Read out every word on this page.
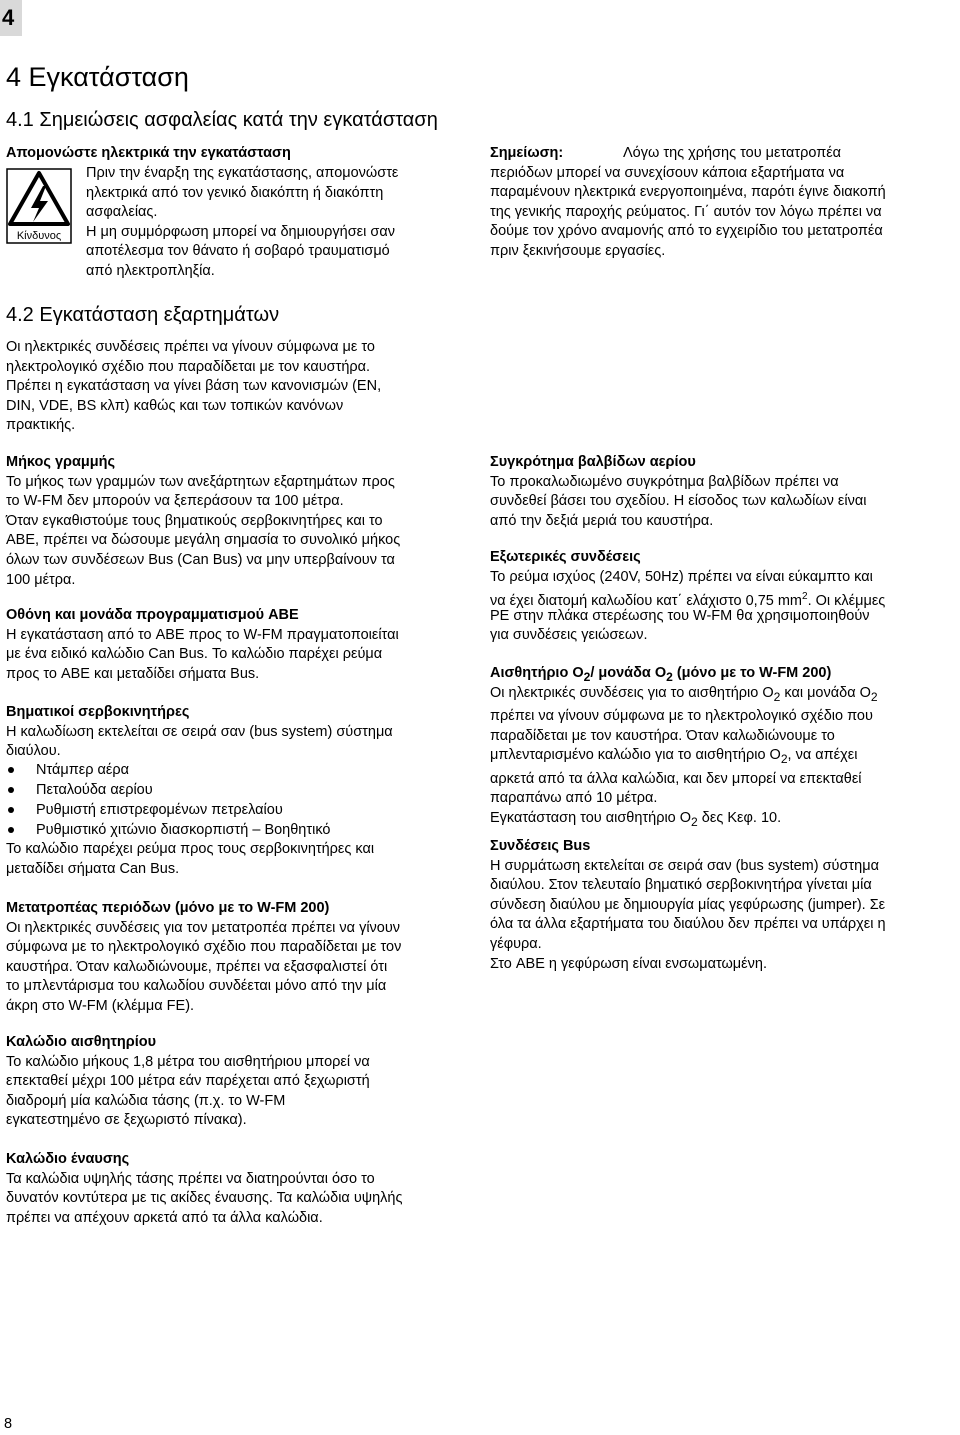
4
4 Εγκατάσταση
4.1 Σημειώσεις ασφαλείας κατά την εγκατάσταση
Απομονώστε ηλεκτρικά την εγκατάσταση
Κίνδυνος
Πριν την έναρξη της εγκατάστασης, απομονώστε
ηλεκτρικά από τον γενικό διακόπτη ή διακόπτη
ασφαλείας.
Η μη συμμόρφωση μπορεί να δημιουργήσει σαν
αποτέλεσμα τον θάνατο ή σοβαρό τραυματισμό
από ηλεκτροπληξία.
Σημείωση:	Λόγω της χρήσης του μετατροπέα
περιόδων μπορεί να συνεχίσουν κάποια εξαρτήματα να
παραμένουν ηλεκτρικά ενεργοποιημένα, παρότι έγινε διακοπή
της γενικής παροχής ρεύματος. Γι΄ αυτόν τον λόγω πρέπει να
δούμε τον χρόνο αναμονής από το εγχειρίδιο του μετατροπέα
πριν ξεκινήσουμε εργασίες.
4.2 Εγκατάσταση εξαρτημάτων
Οι ηλεκτρικές συνδέσεις πρέπει να γίνουν σύμφωνα με το
ηλεκτρολογικό σχέδιο που παραδίδεται με τον καυστήρα.
Πρέπει η εγκατάσταση να γίνει βάση των κανονισμών (EN,
DIN, VDE, BS κλπ) καθώς και των τοπικών κανόνων
πρακτικής.
Μήκος γραμμής
Το μήκος των γραμμών των ανεξάρτητων εξαρτημάτων προς
το W-FM δεν μπορούν να ξεπεράσουν τα 100 μέτρα.
Όταν εγκαθιστούμε τους βηματικούς σερβοκινητήρες και το
ABE, πρέπει να δώσουμε μεγάλη σημασία το συνολικό μήκος
όλων των συνδέσεων Bus (Can Bus) να μην υπερβαίνουν τα
100 μέτρα.
Οθόνη και μονάδα προγραμματισμού ABE
Η εγκατάσταση από το ABE προς το W-FM πραγματοποιείται
με ένα ειδικό καλώδιο Can Bus. Το καλώδιο παρέχει ρεύμα
προς το ABE και μεταδίδει σήματα Bus.
Βηματικοί σερβοκινητήρες
Η καλωδίωση εκτελείται σε σειρά σαν (bus system) σύστημα
διαύλου.
Ντάμπερ αέρα
Πεταλούδα αερίου
Ρυθμιστή επιστρεφομένων πετρελαίου
Ρυθμιστικό χιτώνιο διασκορπιστή – Βοηθητικό
Το καλώδιο παρέχει ρεύμα προς τους σερβοκινητήρες και
μεταδίδει σήματα Can Bus.
Μετατροπέας περιόδων (μόνο με το W-FM 200)
Οι ηλεκτρικές συνδέσεις για τον μετατροπέα πρέπει να γίνουν
σύμφωνα με το ηλεκτρολογικό σχέδιο που παραδίδεται με τον
καυστήρα. Όταν καλωδιώνουμε, πρέπει να εξασφαλιστεί ότι
το μπλεντάρισμα του καλωδίου συνδέεται μόνο από την μία
άκρη στο W-FM (κλέμμα FE).
Συγκρότημα βαλβίδων αερίου
Το προκαλωδιωμένο συγκρότημα βαλβίδων πρέπει να
συνδεθεί βάσει του σχεδίου. Η είσοδος των καλωδίων είναι
από την δεξιά μεριά του καυστήρα.
Εξωτερικές συνδέσεις
Το ρεύμα ισχύος (240V, 50Hz) πρέπει να είναι εύκαμπτο και
να έχει διατομή καλωδίου κατ΄ ελάχιστο 0,75 $mm^2$. Οι κλέμμες
PE στην πλάκα στερέωσης του W-FM θα χρησιμοποιηθούν
για συνδέσεις γειώσεων.
Αισθητήριο $O_2/$ μονάδα $O_2$ (μόνο με το W-FM 200)
Οι ηλεκτρικές συνδέσεις για το αισθητήριο $O_2$ και μονάδα $O_2$
πρέπει να γίνουν σύμφωνα με το ηλεκτρολογικό σχέδιο που
παραδίδεται με τον καυστήρα. Όταν καλωδιώνουμε το
μπλενταρισμένο καλώδιο για το αισθητήριο $O_2$, να απέχει
αρκετά από τα άλλα καλώδια, και δεν μπορεί να επεκταθεί
παραπάνω από 10 μέτρα.
Εγκατάσταση του αισθητήριο $O_2$ δες Κεφ. 10.
Συνδέσεις Bus
Η συρμάτωση εκτελείται σε σειρά σαν (bus system) σύστημα
διαύλου. Στον τελευταίο βηματικό σερβοκινητήρα γίνεται μία
σύνδεση διαύλου με δημιουργία μίας γεφύρωσης (jumper). Σε
όλα τα άλλα εξαρτήματα του διαύλου δεν πρέπει να υπάρχει η
γέφυρα.
Στο ABE η γεφύρωση είναι ενσωματωμένη.
Καλώδιο αισθητηρίου
Το καλώδιο μήκους 1,8 μέτρα του αισθητήριου μπορεί να
επεκταθεί μέχρι 100 μέτρα εάν παρέχεται από ξεχωριστή
διαδρομή μία καλώδια τάσης (π.χ. το W-FM
εγκατεστημένο σε ξεχωριστό πίνακα).
Καλώδιο έναυσης
Τα καλώδια υψηλής τάσης πρέπει να διατηρούνται όσο το
δυνατόν κοντύτερα με τις ακίδες έναυσης. Τα καλώδια υψηλής
πρέπει να απέχουν αρκετά από τα άλλα καλώδια.
8
